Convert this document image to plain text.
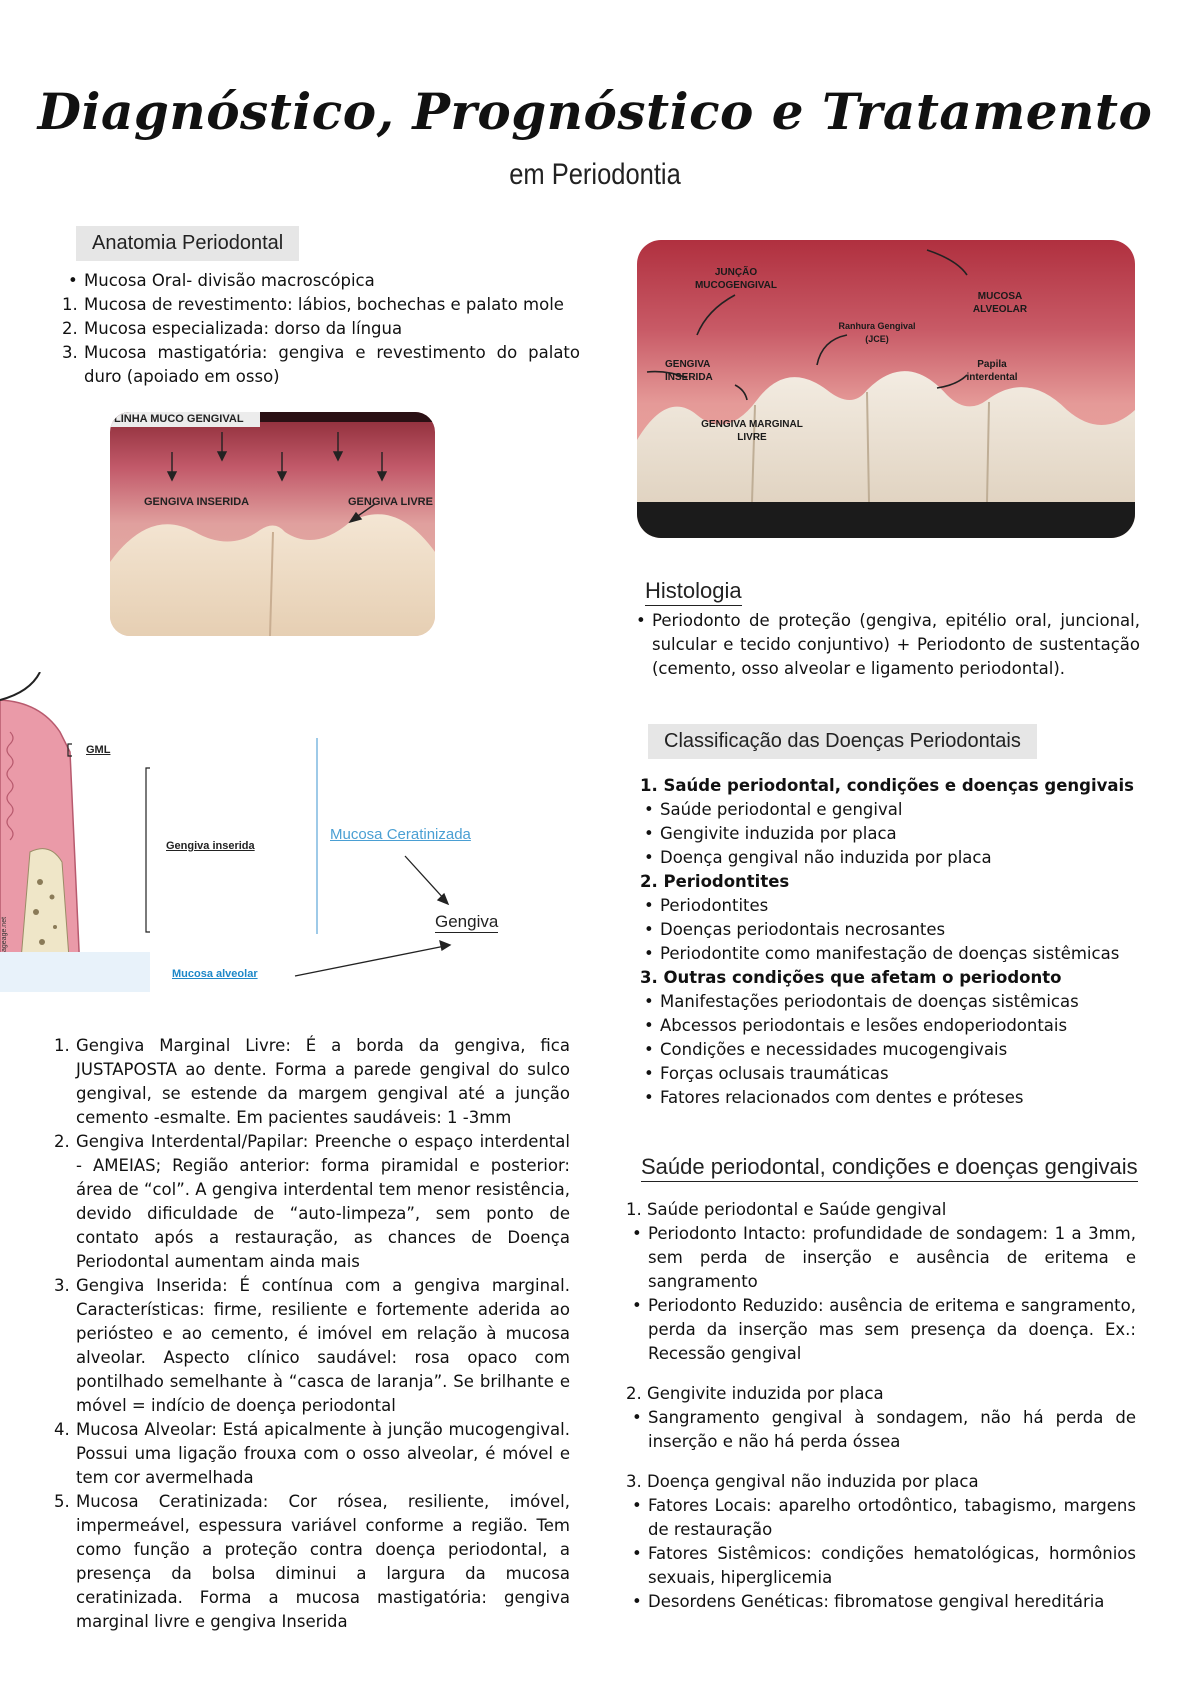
Diagnóstico, Prognóstico e Tratamento
em Periodontia
Anatomia Periodontal
• Mucosa Oral- divisão macroscópica
1. Mucosa de revestimento: lábios, bochechas e palato mole
2. Mucosa especializada: dorso da língua
3. Mucosa mastigatória: gengiva e revestimento do palato duro (apoiado em osso)
LINHA MUCO GENGIVAL
GENGIVA INSERIDA	GENGIVA LIVRE
JUNÇÃO MUCOGENGIVAL
MUCOSA ALVEOLAR
Ranhura Gengival (JCE)
GENGIVA INSERIDA
Papila interdental
GENGIVA MARGINAL LIVRE
Histologia
• Periodonto de proteção (gengiva, epitélio oral, juncional, sulcular e tecido conjuntivo) + Periodonto de sustentação (cemento, osso alveolar e ligamento periodontal).
GML
Gengiva inserida
Mucosa alveolar
ageage.net
Mucosa Ceratinizada
Gengiva
1. Gengiva Marginal Livre: É a borda da gengiva, fica JUSTAPOSTA ao dente. Forma a parede gengival do sulco gengival, se estende da margem gengival até a junção cemento -esmalte. Em pacientes saudáveis: 1 -3mm
2. Gengiva Interdental/Papilar: Preenche o espaço interdental - AMEIAS; Região anterior: forma piramidal e posterior: área de “col”. A gengiva interdental tem menor resistência, devido dificuldade de “auto-limpeza”, sem ponto de contato após a restauração, as chances de Doença Periodontal aumentam ainda mais
3. Gengiva Inserida: É contínua com a gengiva marginal. Características: firme, resiliente e fortemente aderida ao periósteo e ao cemento, é imóvel em relação à mucosa alveolar. Aspecto clínico saudável: rosa opaco com pontilhado semelhante à “casca de laranja”. Se brilhante e móvel = indício de doença periodontal
4. Mucosa Alveolar: Está apicalmente à junção mucogengival. Possui uma ligação frouxa com o osso alveolar, é móvel e tem cor avermelhada
5. Mucosa Ceratinizada: Cor rósea, resiliente, imóvel, impermeável, espessura variável conforme a região. Tem como função a proteção contra doença periodontal, a presença da bolsa diminui a largura da mucosa ceratinizada. Forma a mucosa mastigatória: gengiva marginal livre e gengiva Inserida
Classificação das Doenças Periodontais
1. Saúde periodontal, condições e doenças gengivais
• Saúde periodontal e gengival
• Gengivite induzida por placa
• Doença gengival não induzida por placa
2. Periodontites
• Periodontites
• Doenças periodontais necrosantes
• Periodontite como manifestação de doenças sistêmicas
3. Outras condições que afetam o periodonto
• Manifestações periodontais de doenças sistêmicas
• Abcessos periodontais e lesões endoperiodontais
• Condições e necessidades mucogengivais
• Forças oclusais traumáticas
• Fatores relacionados com dentes e próteses
Saúde periodontal, condições e doenças gengivais
1. Saúde periodontal e Saúde gengival
• Periodonto Intacto: profundidade de sondagem: 1 a 3mm, sem perda de inserção e ausência de eritema e sangramento
• Periodonto Reduzido: ausência de eritema e sangramento, perda da inserção mas sem presença da doença. Ex.: Recessão gengival
2. Gengivite induzida por placa
• Sangramento gengival à sondagem, não há perda de inserção e não há perda óssea
3. Doença gengival não induzida por placa
• Fatores Locais: aparelho ortodôntico, tabagismo, margens de restauração
• Fatores Sistêmicos: condições hematológicas, hormônios sexuais, hiperglicemia
• Desordens Genéticas: fibromatose gengival hereditária
